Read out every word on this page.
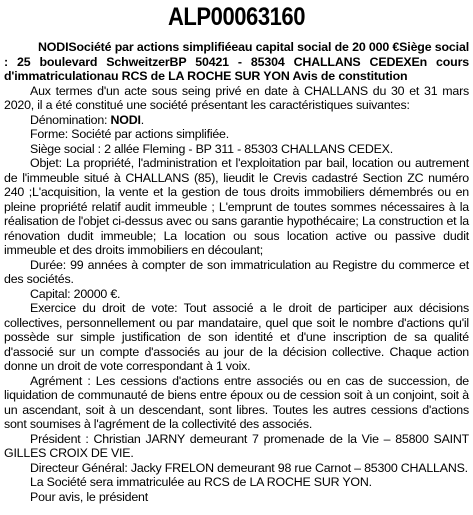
ALP00063160

NODISociété par actions simplifiéeau capital social de 20 000 €Siège social : 25 boulevard SchweitzerBP 50421 - 85304 CHALLANS CEDEXEn cours d'immatriculationau RCS de LA ROCHE SUR YON Avis de constitution

Aux termes d'un acte sous seing privé en date à CHALLANS du 30 et 31 mars 2020, il a été constitué une société présentant les caractéristiques suivantes:

Dénomination: NODI.

Forme: Société par actions simplifiée.

Siège social : 2 allée Fleming - BP 311 - 85303 CHALLANS CEDEX.

Objet: La propriété, l'administration et l'exploitation par bail, location ou autrement de l'immeuble situé à CHALLANS (85), lieudit le Crevis cadastré Section ZC numéro 240 ;L'acquisition, la vente et la gestion de tous droits immobiliers démembrés ou en pleine propriété relatif audit immeuble ; L'emprunt de toutes sommes nécessaires à la réalisation de l'objet ci-dessus avec ou sans garantie hypothécaire; La construction et la rénovation dudit immeuble; La location ou sous location active ou passive dudit immeuble et des droits immobiliers en découlant;

Durée: 99 années à compter de son immatriculation au Registre du commerce et des sociétés.

Capital: 20000 €.

Exercice du droit de vote: Tout associé a le droit de participer aux décisions collectives, personnellement ou par mandataire, quel que soit le nombre d'actions qu'il possède sur simple justification de son identité et d'une inscription de sa qualité d'associé sur un compte d'associés au jour de la décision collective. Chaque action donne un droit de vote correspondant à 1 voix.

Agrément : Les cessions d'actions entre associés ou en cas de succession, de liquidation de communauté de biens entre époux ou de cession soit à un conjoint, soit à un ascendant, soit à un descendant, sont libres. Toutes les autres cessions d'actions sont soumises à l'agrément de la collectivité des associés.

Président : Christian JARNY demeurant 7 promenade de la Vie – 85800 SAINT GILLES CROIX DE VIE.

Directeur Général: Jacky FRELON demeurant 98 rue Carnot – 85300 CHALLANS.

La Société sera immatriculée au RCS de LA ROCHE SUR YON.

Pour avis, le président
